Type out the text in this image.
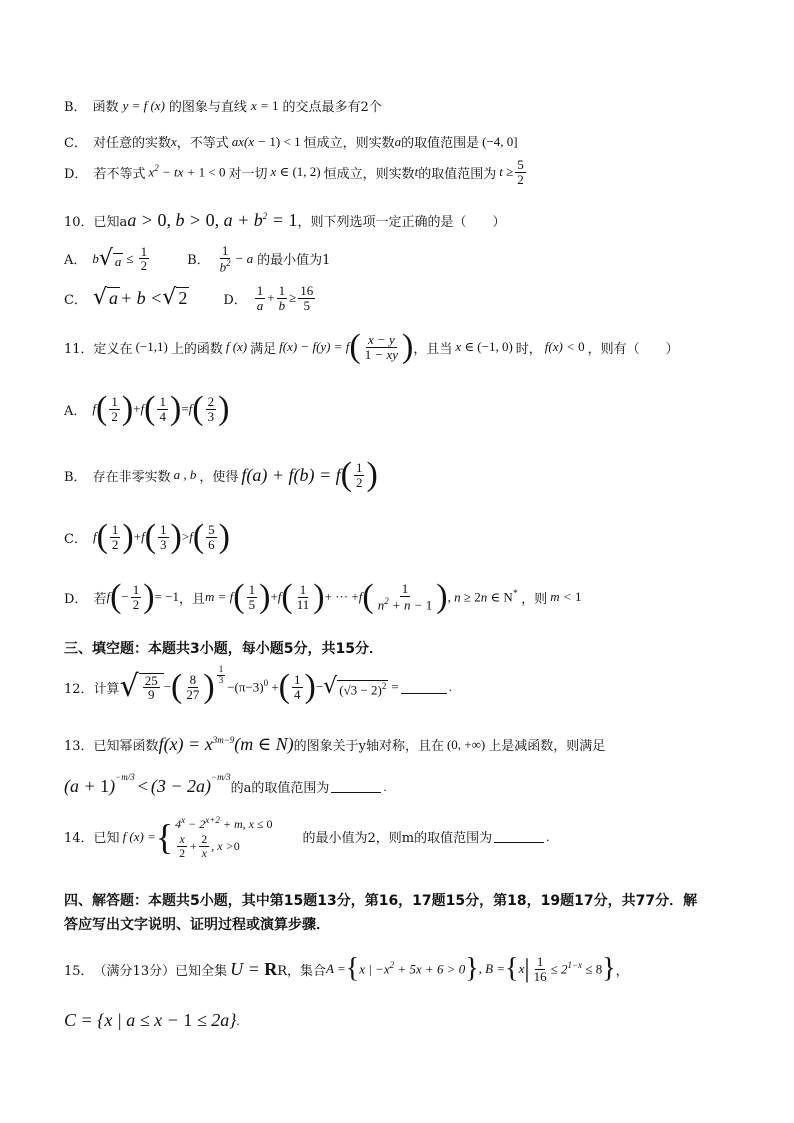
B． 函数 y = f (x) 的图象与直线 x = 1 的交点最多有2个
C． 对任意的实数 x ，不等式 ax(x − 1) < 1 恒成立，则实数 a 的取值范围是 (−4, 0]
D． 若不等式 $x^2$ − tx + 1 < 0 对一切 x ∈ (1, 2) 恒成立，则实数 t 的取值范围为 $t \ge \frac{5}{2}$
10． 已知a a > 0, b > 0, $a + b^2 = 1$ ，则下列选项一定正确的是（　　）
A． b √ $a \le \frac{1}{2}$	B． $\frac{1}{b^2} - a$ 的最小值为1
C． √ a + b < √ 2	D． $\frac{1}{a} + \frac{1}{b} \ge \frac{16}{5}$
11． 定义在 (−1,1) 上的函数 f (x) 满足 f(x) − f(y) = f ( $\frac{x - y}{1 - xy}$ ) ，且当 x ∈ (−1, 0) 时， f(x) < 0 ，则有（　　）
A． f ( $\frac{1}{2}$ ) + f ( $\frac{1}{4}$ ) = f ( $\frac{2}{3}$ )
B． 存在非零实数 a , b ，使得 f(a) + f(b) = f ( $\frac{1}{2}$ )
C． f ( $\frac{1}{2}$ ) + f ( $\frac{1}{3}$ ) > f ( $\frac{5}{6}$ )
D． 若 f ( − $\frac{1}{2}$ ) = −1 ，且 m = f ( $\frac{1}{5}$ ) + f ( $\frac{1}{11}$ ) + ··· + f ( $\frac{1}{n^2 + n - 1}$ ) , n ≥ 2n ∈ N* ，则 m < 1
三、填空题：本题共3小题，每小题5分，共15分．
12． 计算 √ $\frac{25}{9}$ − ( $\frac{8}{27}$ ) $^{\frac{1}{3}}$
$-(\pi-3)^0$ + ( $\frac{1}{4}$ ) − √ $(√3 - 2)^2$ =	.
13． 已知幂函数 $f(x) = x^{3m-9}(m$ ∈ N) 的图象关于y轴对称，且在 (0, +∞) 上是减函数，则满足
$(a + 1)^{-m/3} < (3 - 2a)^{-m/3}$
的a的取值范围为	.
14． 已知 f (x) = { $4^x - 2^{x+2} + m$, x ≤ 0
$\frac{x}{2} + \frac{2}{x}$ , x > 0	的最小值为2，则m的取值范围为	.
四、解答题：本题共5小题，其中第15题13分，第16，17题15分，第18，19题17分，共77分．解
答应写出文字说明、证明过程或演算步骤．
15． （满分13分）已知全集 U = R R，集合 A = { x | $-x^2 + 5x + 6 > 0$ } , B = { x | $\frac{1}{16} \le 2^{1-x} \le 8$ } ，
C = {x | a ≤ x − 1 ≤ 2a} .
